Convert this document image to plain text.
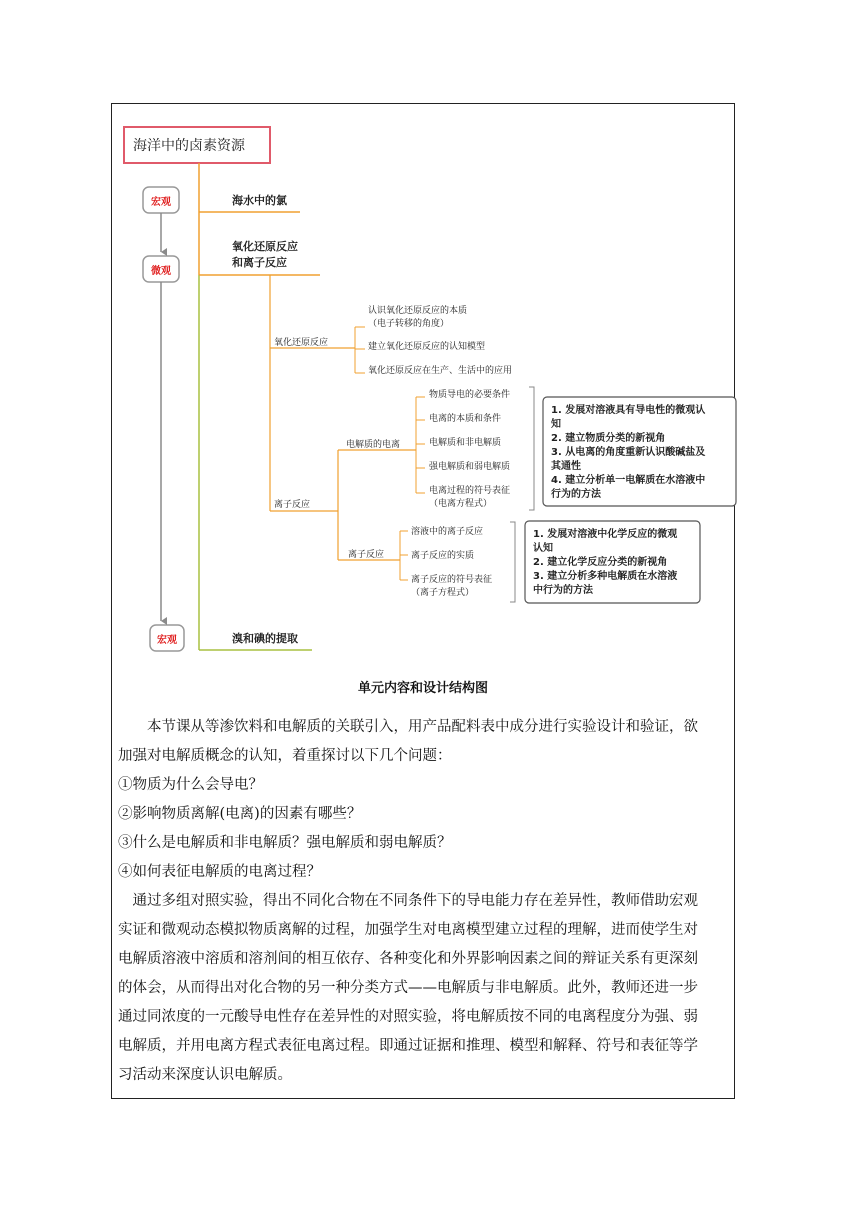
海洋中的卤素资源
宏观
微观
宏观
海水中的氯
氧化还原反应
和离子反应
溴和碘的提取
氧化还原反应
离子反应
认识氧化还原反应的本质
（电子转移的角度）
建立氧化还原反应的认知模型
氧化还原反应在生产、生活中的应用
电解质的电离
离子反应
物质导电的必要条件
电离的本质和条件
电解质和非电解质
强电解质和弱电解质
电离过程的符号表征
（电离方程式）
1. 发展对溶液具有导电性的微观认
知
2. 建立物质分类的新视角
3. 从电离的角度重新认识酸碱盐及
其通性
4. 建立分析单一电解质在水溶液中
行为的方法
溶液中的离子反应
离子反应的实质
离子反应的符号表征
（离子方程式）
1. 发展对溶液中化学反应的微观
认知
2. 建立化学反应分类的新视角
3. 建立分析多种电解质在水溶液
中行为的方法
单元内容和设计结构图

本节课从等渗饮料和电解质的关联引入，用产品配料表中成分进行实验设计和验证，欲

加强对电解质概念的认知，着重探讨以下几个问题：

①物质为什么会导电？

②影响物质离解(电离)的因素有哪些？

③什么是电解质和非电解质？强电解质和弱电解质？

④如何表征电解质的电离过程？

通过多组对照实验，得出不同化合物在不同条件下的导电能力存在差异性，教师借助宏观

实证和微观动态模拟物质离解的过程，加强学生对电离模型建立过程的理解，进而使学生对

电解质溶液中溶质和溶剂间的相互依存、各种变化和外界影响因素之间的辩证关系有更深刻

的体会，从而得出对化合物的另一种分类方式——电解质与非电解质。此外，教师还进一步

通过同浓度的一元酸导电性存在差异性的对照实验，将电解质按不同的电离程度分为强、弱

电解质，并用电离方程式表征电离过程。即通过证据和推理、模型和解释、符号和表征等学

习活动来深度认识电解质。
